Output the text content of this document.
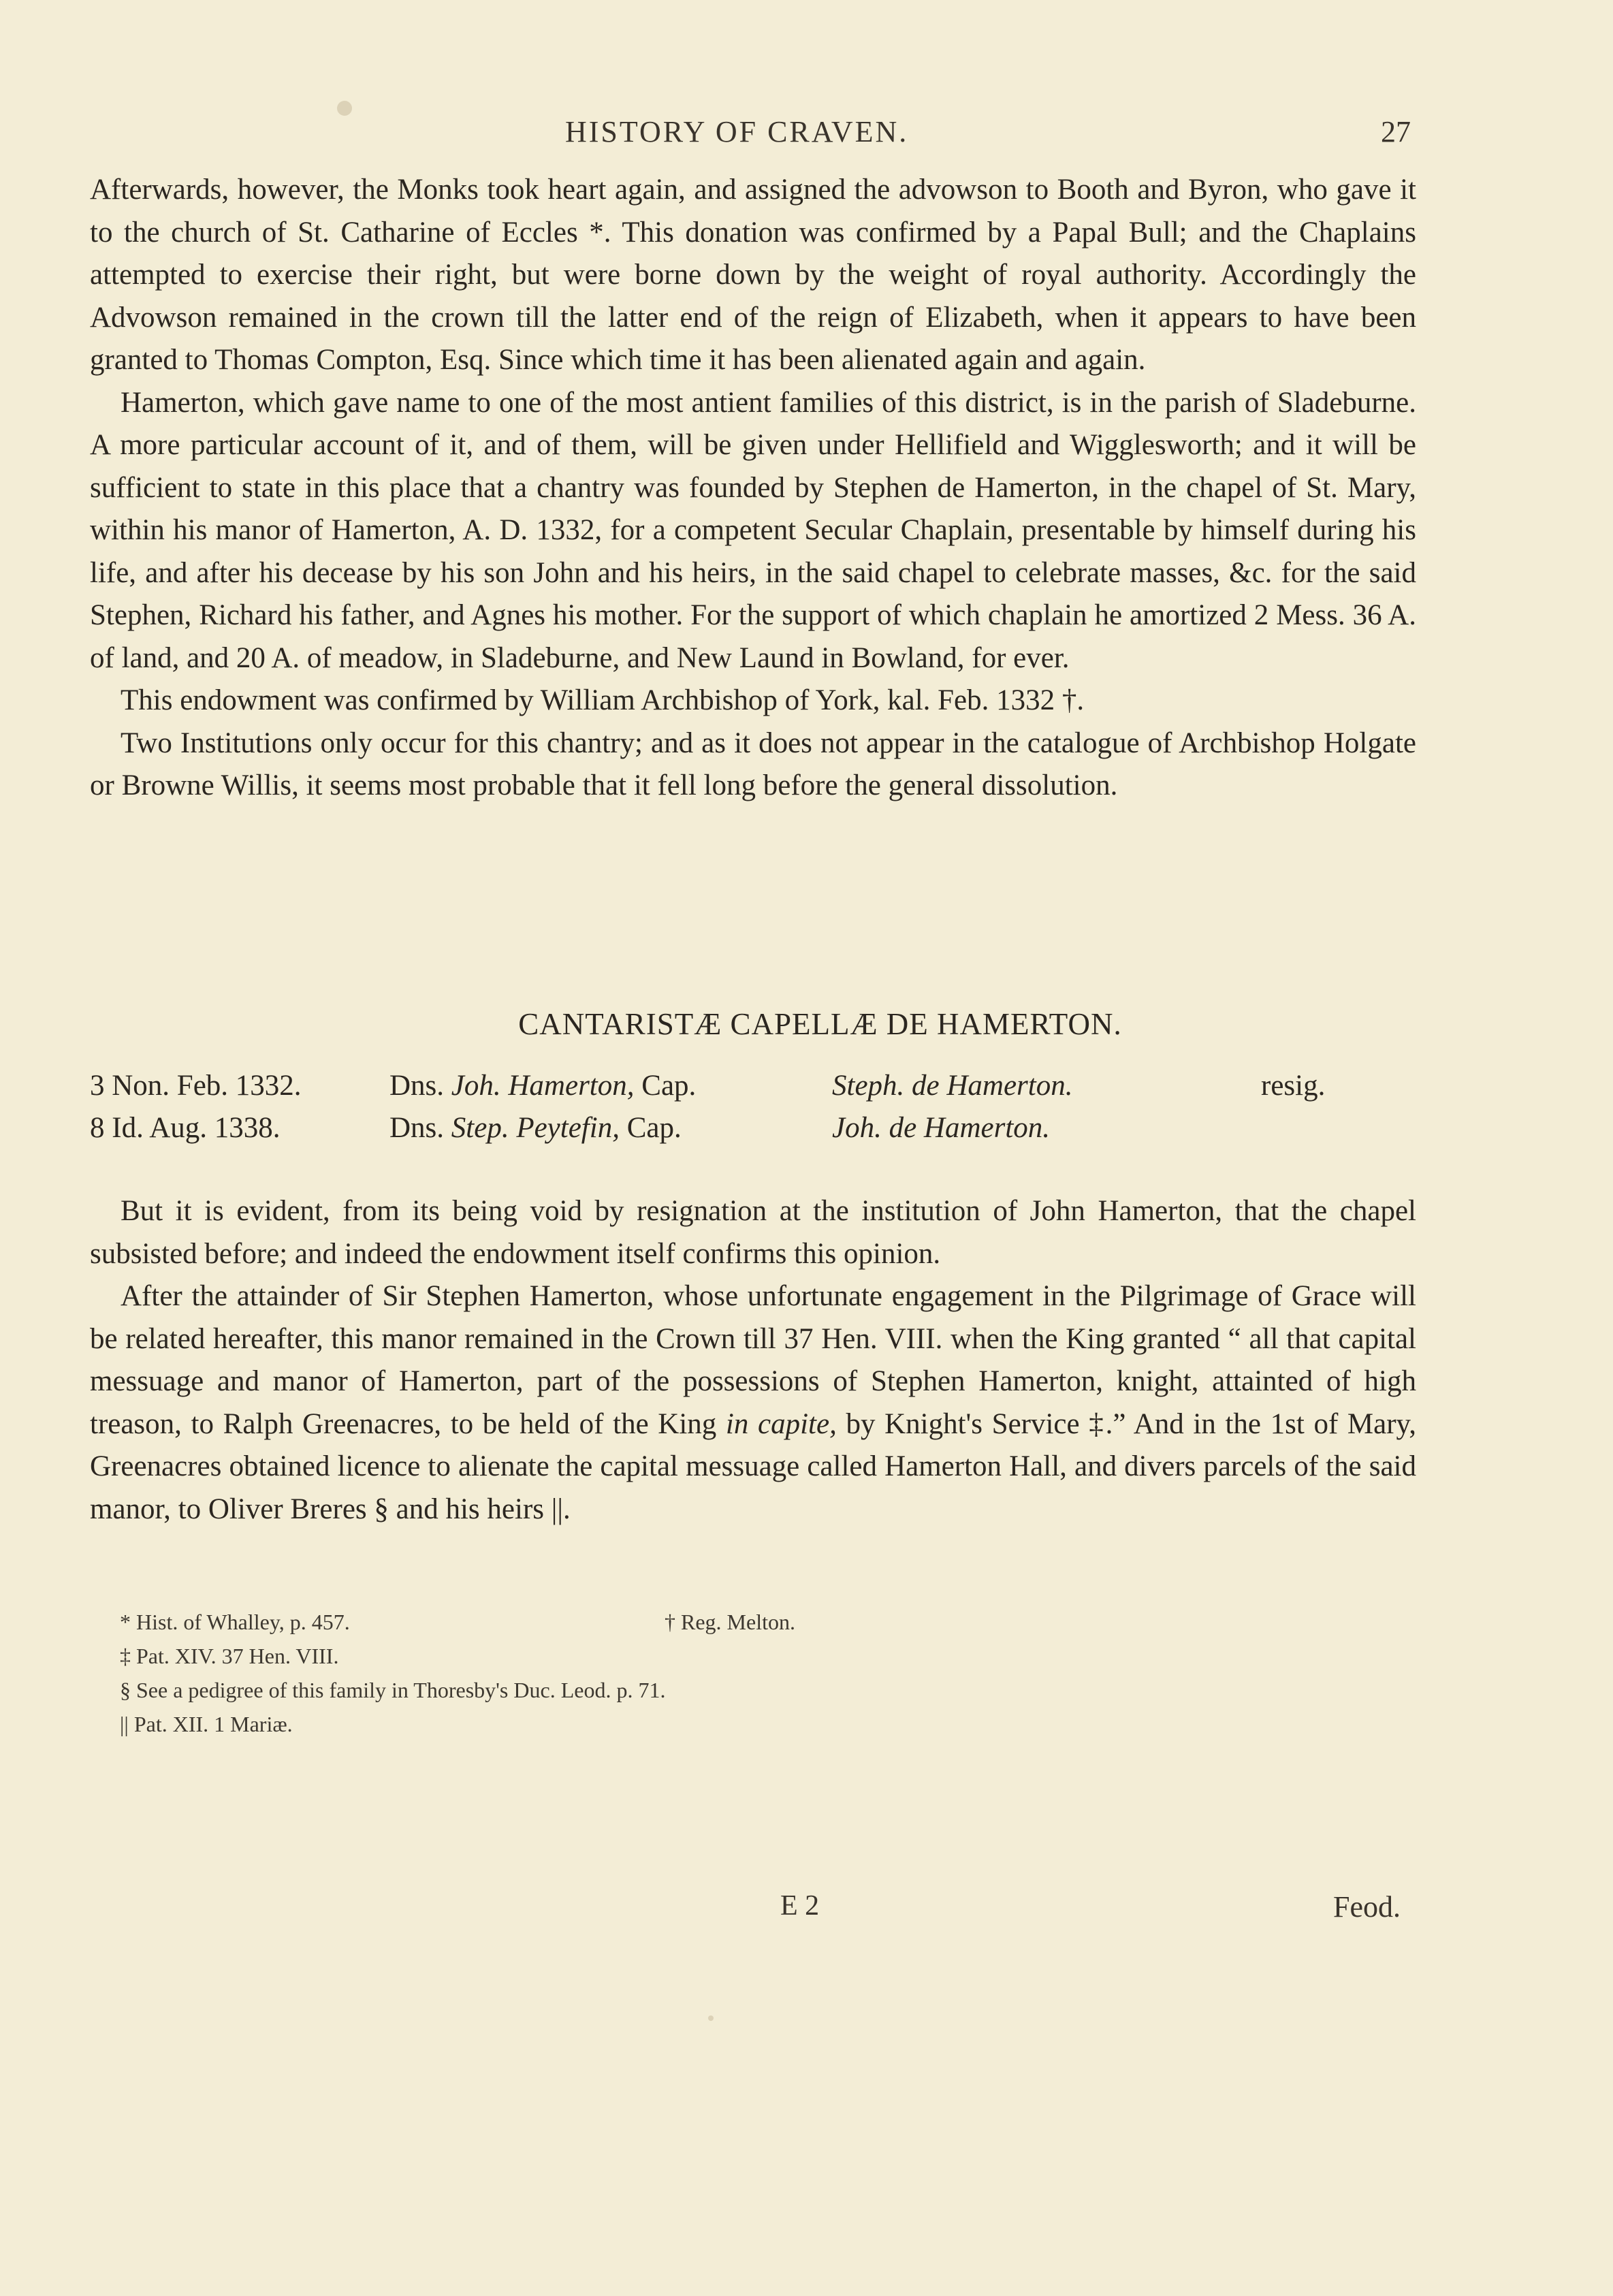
HISTORY OF CRAVEN.	27

Afterwards, however, the Monks took heart again, and assigned the advowson to Booth and Byron, who gave it to the church of St. Catharine of Eccles *. This donation was confirmed by a Papal Bull; and the Chaplains attempted to exercise their right, but were borne down by the weight of royal authority. Accordingly the Advowson remained in the crown till the latter end of the reign of Elizabeth, when it appears to have been granted to Thomas Compton, Esq. Since which time it has been alienated again and again.

Hamerton, which gave name to one of the most antient families of this district, is in the parish of Sladeburne. A more particular account of it, and of them, will be given under Hellifield and Wigglesworth; and it will be sufficient to state in this place that a chantry was founded by Stephen de Hamerton, in the chapel of St. Mary, within his manor of Hamerton, A. D. 1332, for a competent Secular Chaplain, presentable by himself during his life, and after his decease by his son John and his heirs, in the said chapel to celebrate masses, &c. for the said Stephen, Richard his father, and Agnes his mother. For the support of which chaplain he amortized 2 Mess. 36 A. of land, and 20 A. of meadow, in Sladeburne, and New Laund in Bowland, for ever.

This endowment was confirmed by William Archbishop of York, kal. Feb. 1332 †.

Two Institutions only occur for this chantry; and as it does not appear in the catalogue of Archbishop Holgate or Browne Willis, it seems most probable that it fell long before the general dissolution.

CANTARISTÆ CAPELLÆ DE HAMERTON.
3 Non. Feb. 1332.	Dns. Joh. Hamerton, Cap.	Steph. de Hamerton.	resig.
8 Id. Aug. 1338.	Dns. Step. Peytefin, Cap.	Joh. de Hamerton.

But it is evident, from its being void by resignation at the institution of John Hamerton, that the chapel subsisted before; and indeed the endowment itself confirms this opinion.

After the attainder of Sir Stephen Hamerton, whose unfortunate engagement in the Pilgrimage of Grace will be related hereafter, this manor remained in the Crown till 37 Hen. VIII. when the King granted “ all that capital messuage and manor of Hamerton, part of the possessions of Stephen Hamerton, knight, attainted of high treason, to Ralph Greenacres, to be held of the King in capite, by Knight's Service ‡.” And in the 1st of Mary, Greenacres obtained licence to alienate the capital messuage called Hamerton Hall, and divers parcels of the said manor, to Oliver Breres § and his heirs ||.

* Hist. of Whalley, p. 457.	† Reg. Melton.
‡ Pat. XIV. 37 Hen. VIII.
§ See a pedigree of this family in Thoresby's Duc. Leod. p. 71.
|| Pat. XII. 1 Mariæ.
E 2	Feod.
